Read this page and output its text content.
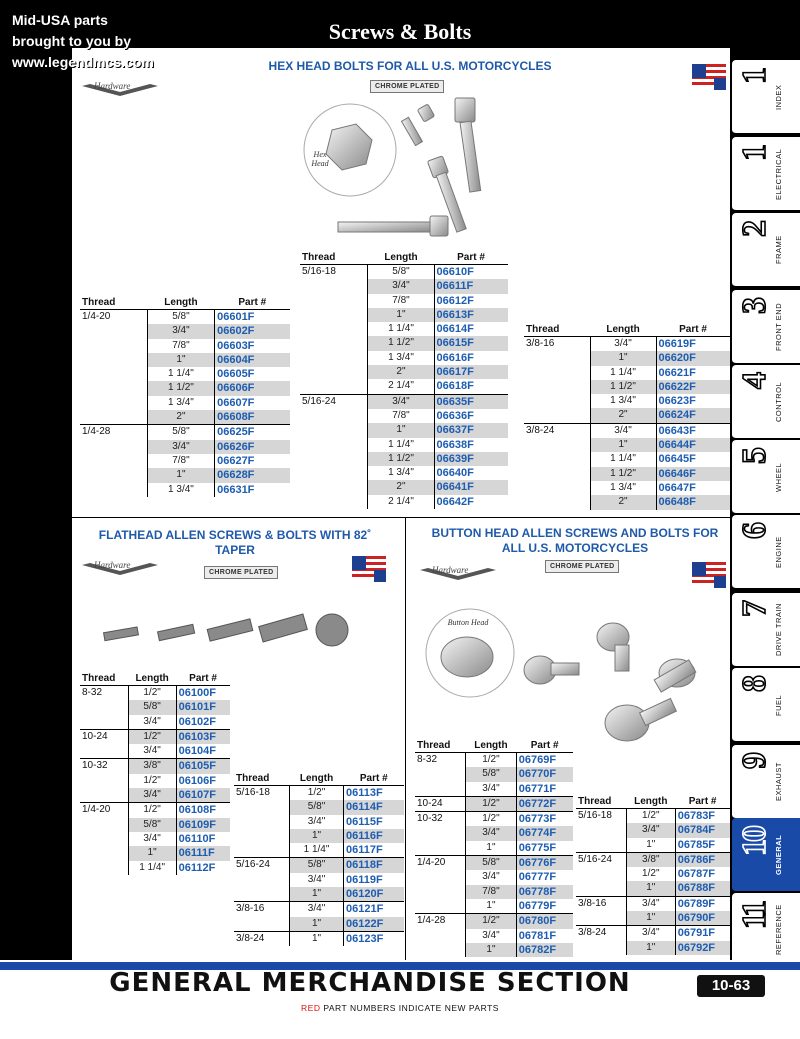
Screws & Bolts
Mid-USA parts
brought to you by
www.legendmcs.com
1
INDEX
1 ELECTRICAL
2
FRAME
3 FRONT END
4 CONTROL
5
WHEEL
6
ENGINE
7 DRIVE TRAIN
8
FUEL
9
EXHAUST
10 GENERAL
11 REFERENCE
HEX HEAD BOLTS FOR ALL U.S. MOTORCYCLES
Hardware	CHROME PLATED
Hex Head
Thread	Length	Part #
1/4-20	5/8"	06601F
	3/4"	06602F
	7/8"	06603F
	1"	06604F
	1 1/4"	06605F
	1 1/2"	06606F
	1 3/4"	06607F
	2"	06608F
1/4-28	5/8"	06625F
	3/4"	06626F
	7/8"	06627F
	1"	06628F
	1 3/4"	06631F
Thread	Length	Part #
5/16-18	5/8"	06610F
	3/4"	06611F
	7/8"	06612F
	1"	06613F
	1 1/4"	06614F
	1 1/2"	06615F
	1 3/4"	06616F
	2"	06617F
	2 1/4"	06618F
5/16-24	3/4"	06635F
	7/8"	06636F
	1"	06637F
	1 1/4"	06638F
	1 1/2"	06639F
	1 3/4"	06640F
	2"	06641F
	2 1/4"	06642F
Thread	Length	Part #
3/8-16	3/4"	06619F
	1"	06620F
	1 1/4"	06621F
	1 1/2"	06622F
	1 3/4"	06623F
	2"	06624F
3/8-24	3/4"	06643F
	1"	06644F
	1 1/4"	06645F
	1 1/2"	06646F
	1 3/4"	06647F
	2"	06648F
FLATHEAD ALLEN SCREWS & BOLTS WITH 82˚ TAPER
Hardware
CHROME PLATED
Thread	Length	Part #
8-32	1/2"	06100F
	5/8"	06101F
	3/4"	06102F
10-24	1/2"	06103F
	3/4"	06104F
10-32	3/8"	06105F
	1/2"	06106F
	3/4"	06107F
1/4-20	1/2"	06108F
	5/8"	06109F
	3/4"	06110F
	1"	06111F
	1 1/4"	06112F
Thread	Length	Part #
5/16-18	1/2"	06113F
	5/8"	06114F
	3/4"	06115F
	1"	06116F
	1 1/4"	06117F
5/16-24	5/8"	06118F
	3/4"	06119F
	1"	06120F
3/8-16	3/4"	06121F
	1"	06122F
3/8-24	1"	06123F
BUTTON HEAD ALLEN SCREWS AND BOLTS FOR ALL U.S. MOTORCYCLES
Hardware	CHROME PLATED
Button Head
Thread	Length	Part #
8-32	1/2"	06769F
	5/8"	06770F
	3/4"	06771F
10-24	1/2"	06772F
10-32	1/2"	06773F
	3/4"	06774F
	1"	06775F
1/4-20	5/8"	06776F
	3/4"	06777F
	7/8"	06778F
	1"	06779F
1/4-28	1/2"	06780F
	3/4"	06781F
	1"	06782F
Thread	Length	Part #
5/16-18	1/2"	06783F
	3/4"	06784F
	1"	06785F
5/16-24	3/8"	06786F
	1/2"	06787F
	1"	06788F
3/8-16	3/4"	06789F
	1"	06790F
3/8-24	3/4"	06791F
	1"	06792F
GENERAL MERCHANDISE SECTION	10-63
RED PART NUMBERS INDICATE NEW PARTS
